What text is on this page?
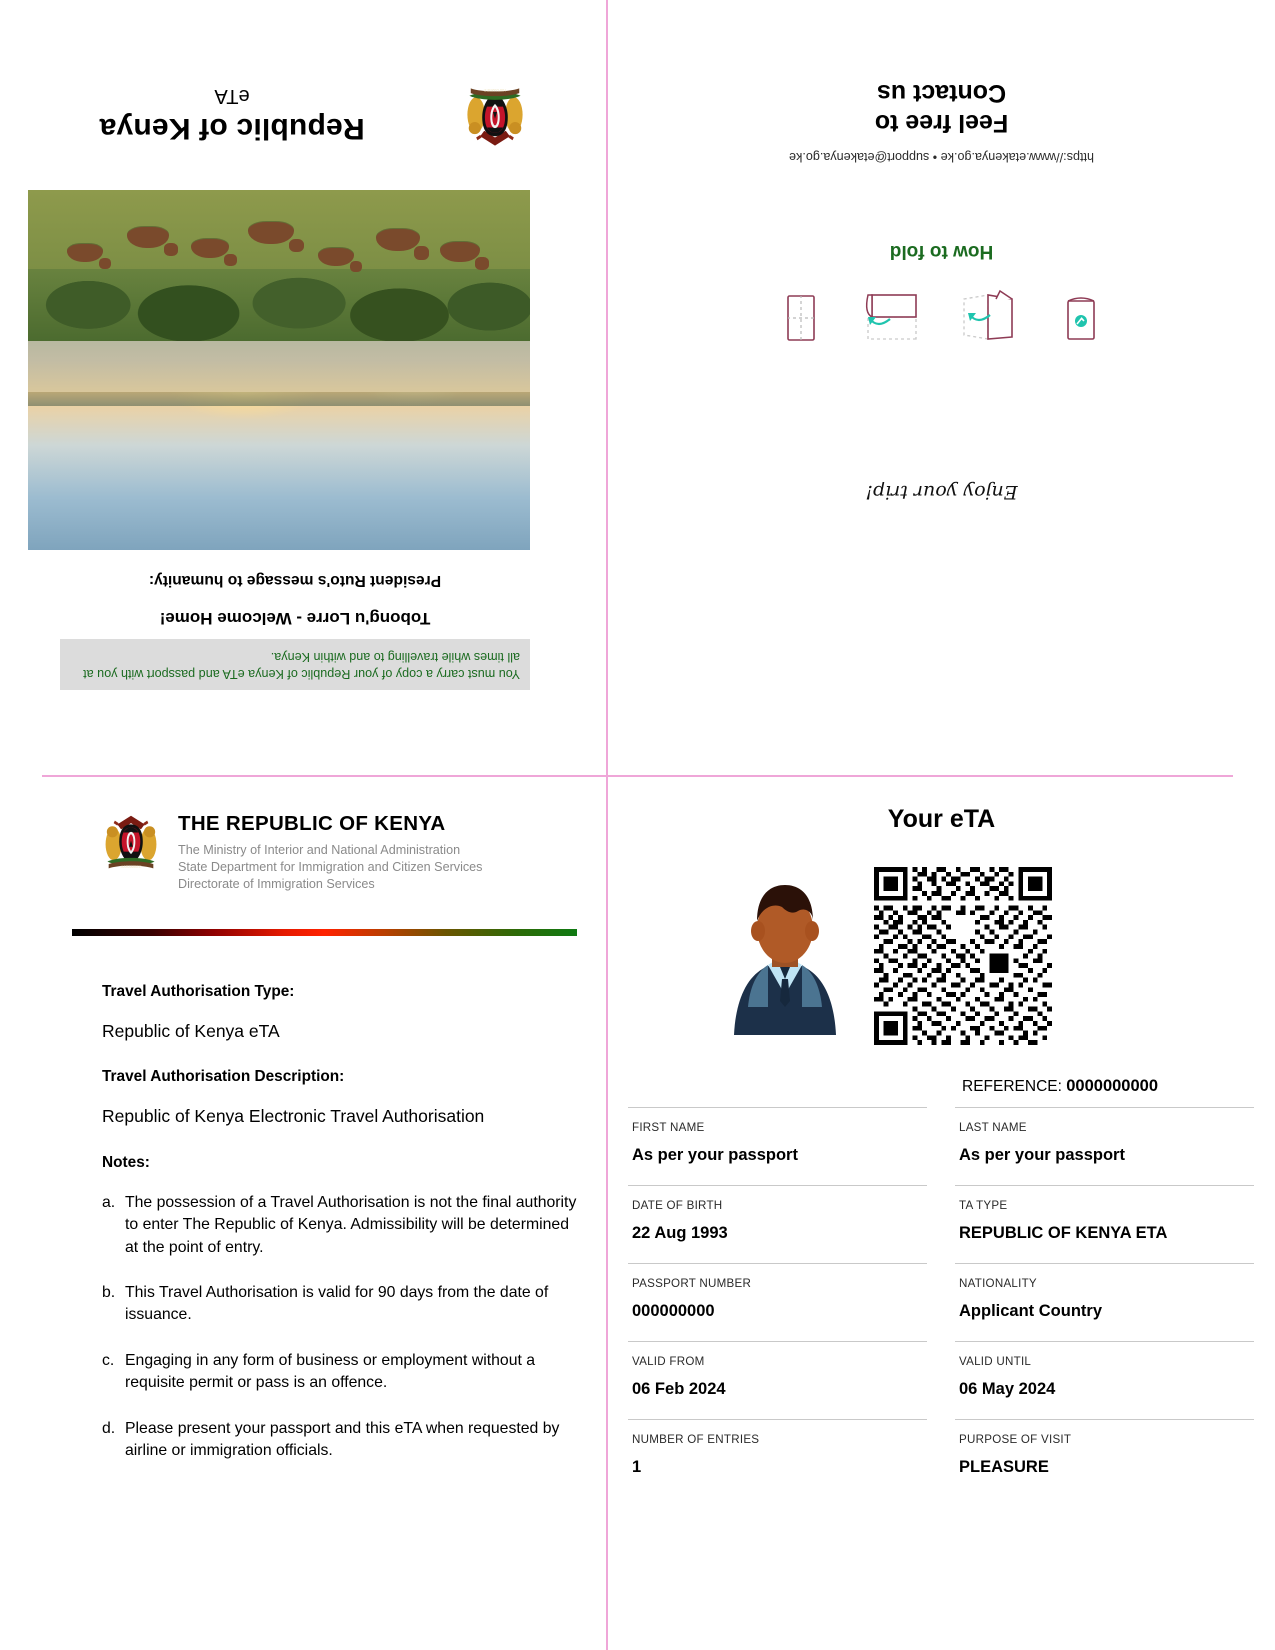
You must carry a copy of your Republic of Kenya eTA and passport with you at all times while travelling to and within Kenya.
Tobong'u Lorre - Welcome Home!
President Ruto's message to humanity:
HARAMBEE
Republic of Kenya
eTA
Enjoy your trip!
How to fold
https://www.etakenya.go.ke • support@etakenya.go.ke
Feel free to
Contact us
HARAMBEE
THE REPUBLIC OF KENYA
The Ministry of Interior and National Administration
State Department for Immigration and Citizen Services
Directorate of Immigration Services
Travel Authorisation Type:
Republic of Kenya eTA
Travel Authorisation Description:
Republic of Kenya Electronic Travel Authorisation
Notes:
a. The possession of a Travel Authorisation is not the final authority to enter The Republic of Kenya. Admissibility will be determined at the point of entry.
b. This Travel Authorisation is valid for 90 days from the date of issuance.
c. Engaging in any form of business or employment without a requisite permit or pass is an offence.
d. Please present your passport and this eTA when requested by airline or immigration officials.
Your eTA
REFERENCE: 0000000000
FIRST NAME
As per your passport
LAST NAME
As per your passport
DATE OF BIRTH
22 Aug 1993
TA TYPE
REPUBLIC OF KENYA ETA
PASSPORT NUMBER
000000000
NATIONALITY
Applicant Country
VALID FROM
06 Feb 2024
VALID UNTIL
06 May 2024
NUMBER OF ENTRIES
1
PURPOSE OF VISIT
PLEASURE
